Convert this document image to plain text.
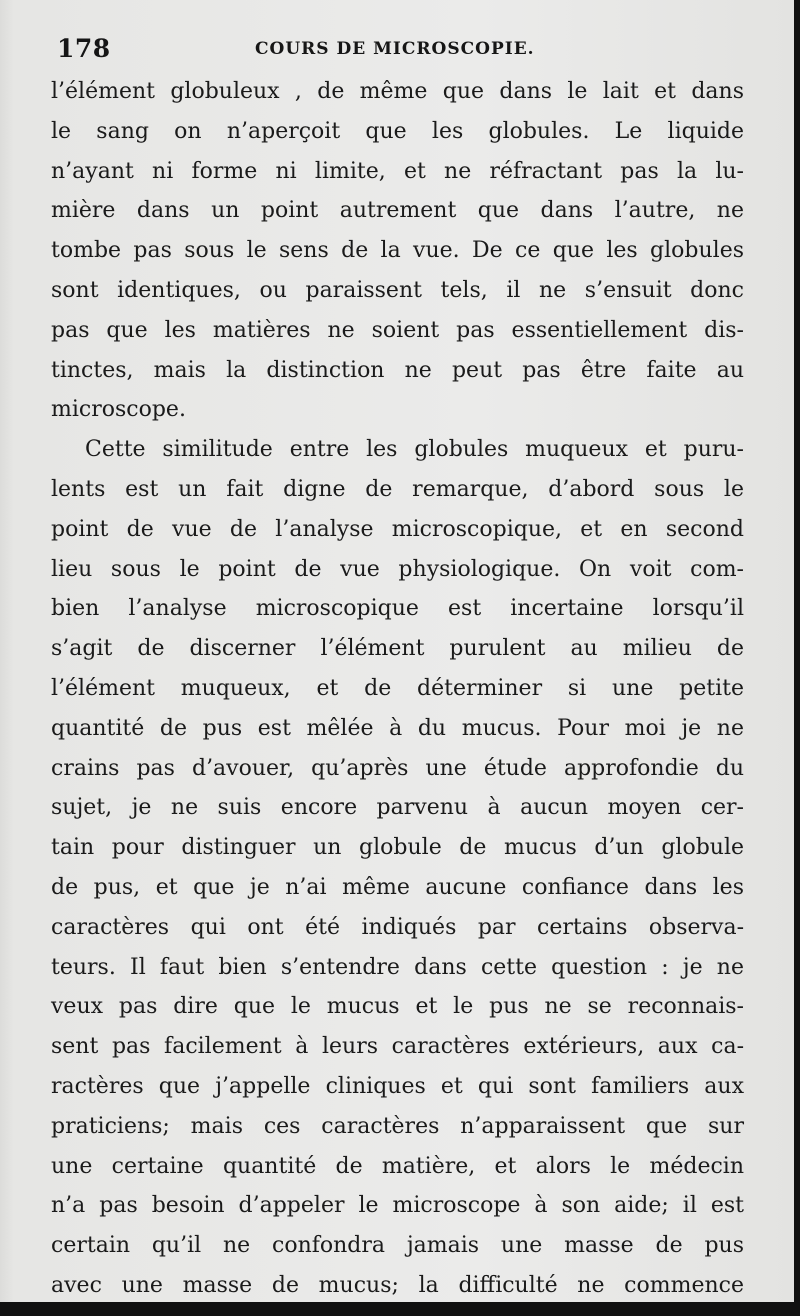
178	COURS DE MICROSCOPIE.
l’élément globuleux , de même que dans le lait et dans
le sang on n’aperçoit que les globules. Le liquide
n’ayant ni forme ni limite, et ne réfractant pas la lu-
mière dans un point autrement que dans l’autre, ne
tombe pas sous le sens de la vue. De ce que les globules
sont identiques, ou paraissent tels, il ne s’ensuit donc
pas que les matières ne soient pas essentiellement dis-
tinctes, mais la distinction ne peut pas être faite au
microscope.
Cette similitude entre les globules muqueux et puru-
lents est un fait digne de remarque, d’abord sous le
point de vue de l’analyse microscopique, et en second
lieu sous le point de vue physiologique. On voit com-
bien l’analyse microscopique est incertaine lorsqu’il
s’agit de discerner l’élément purulent au milieu de
l’élément muqueux, et de déterminer si une petite
quantité de pus est mêlée à du mucus. Pour moi je ne
crains pas d’avouer, qu’après une étude approfondie du
sujet, je ne suis encore parvenu à aucun moyen cer-
tain pour distinguer un globule de mucus d’un globule
de pus, et que je n’ai même aucune confiance dans les
caractères qui ont été indiqués par certains observa-
teurs. Il faut bien s’entendre dans cette question : je ne
veux pas dire que le mucus et le pus ne se reconnais-
sent pas facilement à leurs caractères extérieurs, aux ca-
ractères que j’appelle cliniques et qui sont familiers aux
praticiens; mais ces caractères n’apparaissent que sur
une certaine quantité de matière, et alors le médecin
n’a pas besoin d’appeler le microscope à son aide; il est
certain qu’il ne confondra jamais une masse de pus
avec une masse de mucus; la difficulté ne commence
